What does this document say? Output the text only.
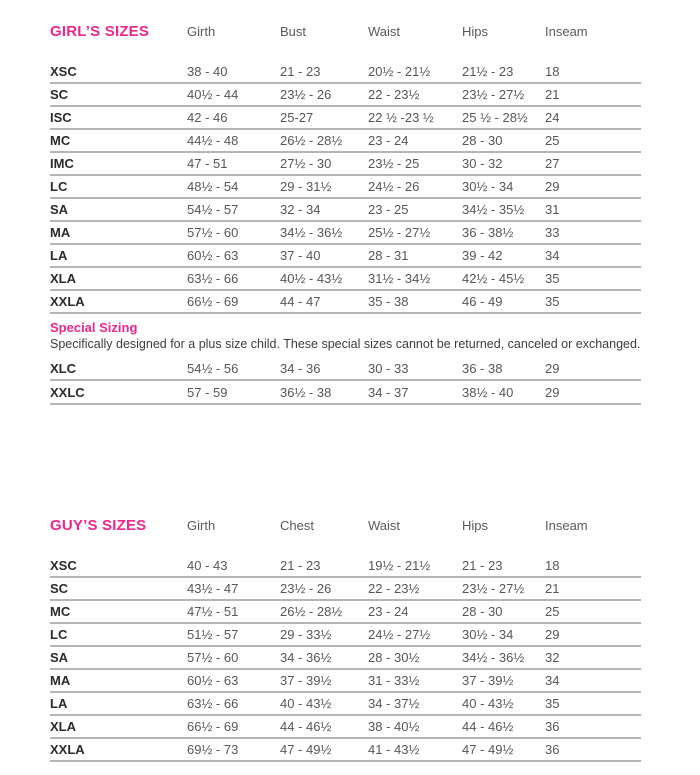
GIRL’S SIZES	Girth	Bust	Waist	Hips	Inseam
XSC	38 - 40	21 - 23	20½ - 21½	21½ - 23	18
SC	40½ - 44	23½ - 26	22 - 23½	23½ - 27½	21
ISC	42 - 46	25-27	22 ½ -23 ½	25 ½ - 28½	24
MC	44½ - 48	26½ - 28½	23 - 24	28 - 30	25
IMC	47 - 51	27½ - 30	23½ - 25	30 - 32	27
LC	48½ - 54	29 - 31½	24½ - 26	30½ - 34	29
SA	54½ - 57	32 - 34	23 - 25	34½ - 35½	31
MA	57½ - 60	34½ - 36½	25½ - 27½	36 - 38½	33
LA	60½ - 63	37 - 40	28 - 31	39 - 42	34
XLA	63½ - 66	40½ - 43½	31½ - 34½	42½ - 45½	35
XXLA	66½ - 69	44 - 47	35 - 38	46 - 49	35
Special Sizing
Specifically designed for a plus size child. These special sizes cannot be returned, canceled or exchanged.
XLC	54½ - 56	34 - 36	30 - 33	36 - 38	29
XXLC	57 - 59	36½ - 38	34 - 37	38½ - 40	29
GUY’S SIZES	Girth	Chest	Waist	Hips	Inseam
XSC	40 - 43	21 - 23	19½ - 21½	21 - 23	18
SC	43½ - 47	23½ - 26	22 - 23½	23½ - 27½	21
MC	47½ - 51	26½ - 28½	23 - 24	28 - 30	25
LC	51½ - 57	29 - 33½	24½ - 27½	30½ - 34	29
SA	57½ - 60	34 - 36½	28 - 30½	34½ - 36½	32
MA	60½ - 63	37 - 39½	31 - 33½	37 - 39½	34
LA	63½ - 66	40 - 43½	34 - 37½	40 - 43½	35
XLA	66½ - 69	44 - 46½	38 - 40½	44 - 46½	36
XXLA	69½ - 73	47 - 49½	41 - 43½	47 - 49½	36
